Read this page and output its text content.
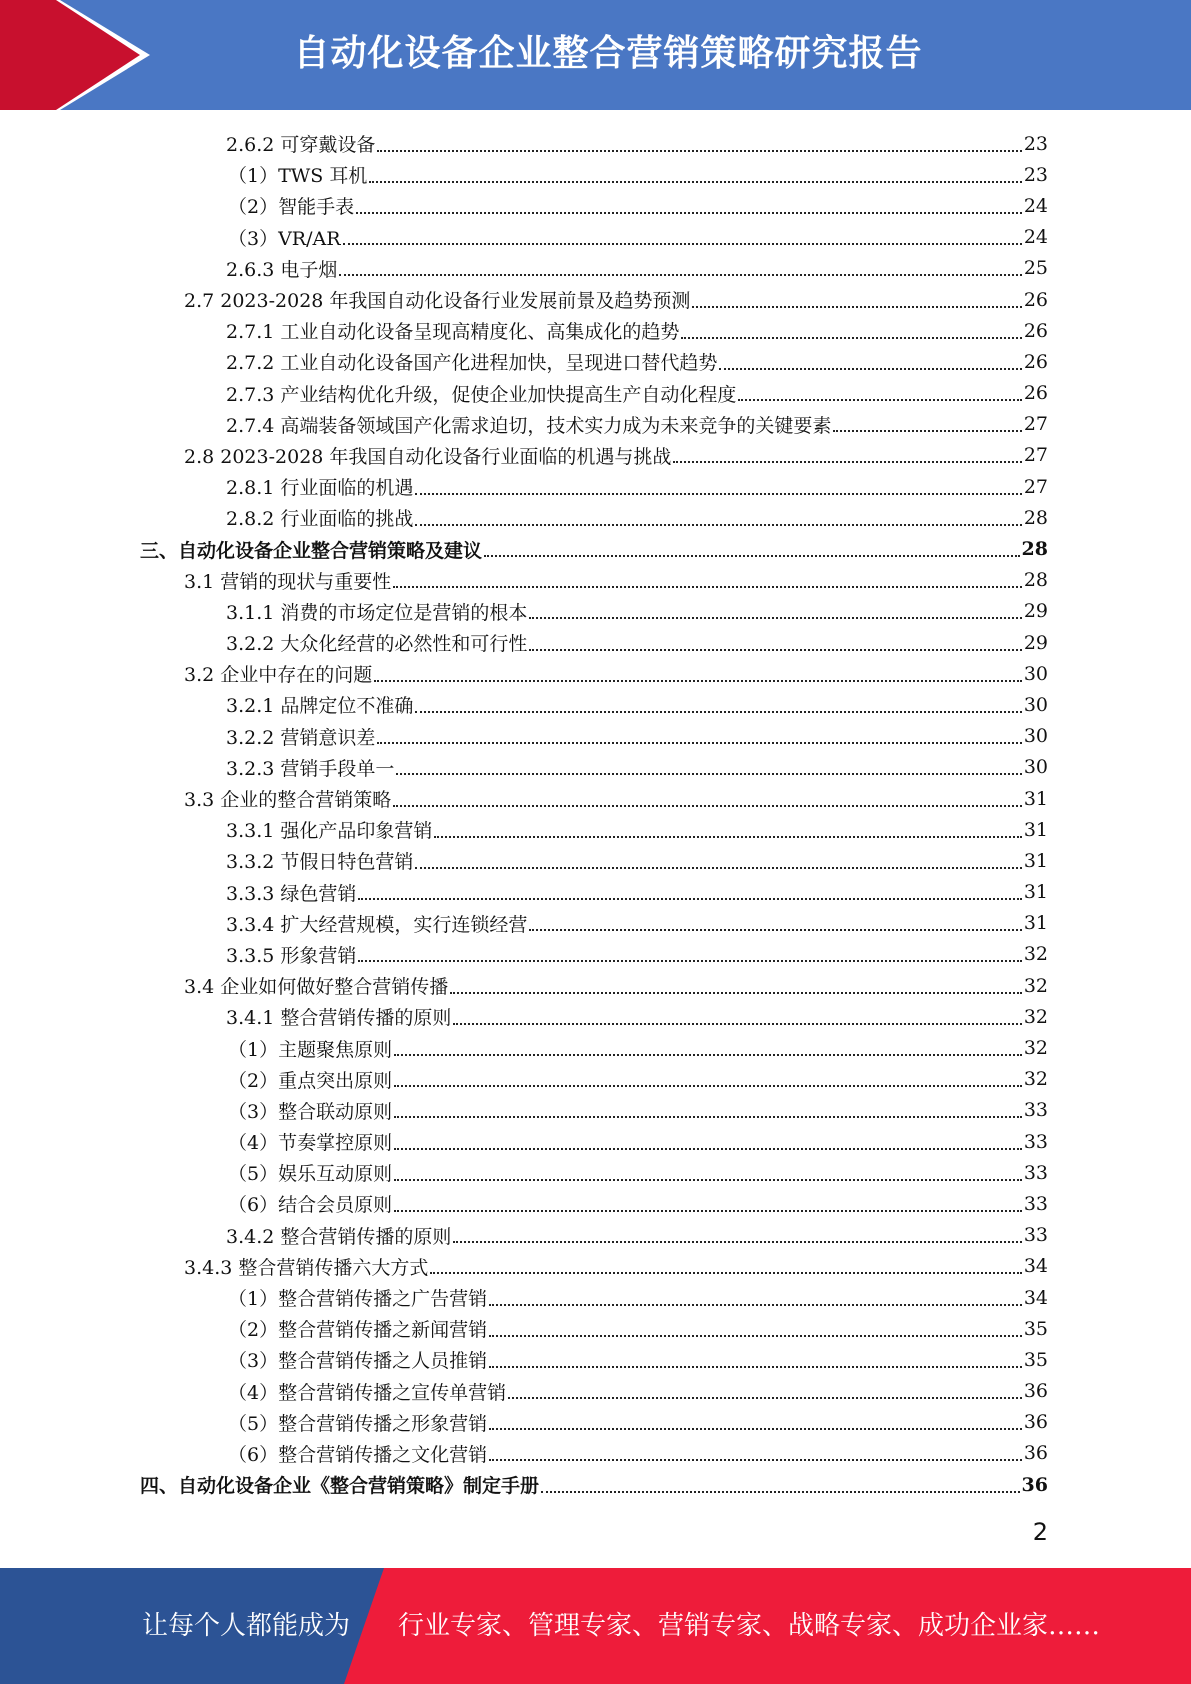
自动化设备企业整合营销策略研究报告
2.6.2 可穿戴设备	23
（1）TWS 耳机	23
（2）智能手表	24
（3）VR/AR	24
2.6.3 电子烟	25
2.7 2023-2028 年我国自动化设备行业发展前景及趋势预测	26
2.7.1 工业自动化设备呈现高精度化、高集成化的趋势	26
2.7.2 工业自动化设备国产化进程加快，呈现进口替代趋势	26
2.7.3 产业结构优化升级，促使企业加快提高生产自动化程度	26
2.7.4 高端装备领域国产化需求迫切，技术实力成为未来竞争的关键要素	27
2.8 2023-2028 年我国自动化设备行业面临的机遇与挑战	27
2.8.1 行业面临的机遇	27
2.8.2 行业面临的挑战	28
三、自动化设备企业整合营销策略及建议	28
3.1 营销的现状与重要性	28
3.1.1 消费的市场定位是营销的根本	29
3.2.2 大众化经营的必然性和可行性	29
3.2 企业中存在的问题	30
3.2.1 品牌定位不准确	30
3.2.2 营销意识差	30
3.2.3 营销手段单一	30
3.3 企业的整合营销策略	31
3.3.1 强化产品印象营销	31
3.3.2 节假日特色营销	31
3.3.3 绿色营销	31
3.3.4 扩大经营规模，实行连锁经营	31
3.3.5 形象营销	32
3.4 企业如何做好整合营销传播	32
3.4.1 整合营销传播的原则	32
（1）主题聚焦原则	32
（2）重点突出原则	32
（3）整合联动原则	33
（4）节奏掌控原则	33
（5）娱乐互动原则	33
（6）结合会员原则	33
3.4.2 整合营销传播的原则	33
3.4.3 整合营销传播六大方式	34
（1）整合营销传播之广告营销	34
（2）整合营销传播之新闻营销	35
（3）整合营销传播之人员推销	35
（4）整合营销传播之宣传单营销	36
（5）整合营销传播之形象营销	36
（6）整合营销传播之文化营销	36
四、自动化设备企业《整合营销策略》制定手册	36
2
让每个人都能成为 行业专家、管理专家、营销专家、战略专家、成功企业家……
